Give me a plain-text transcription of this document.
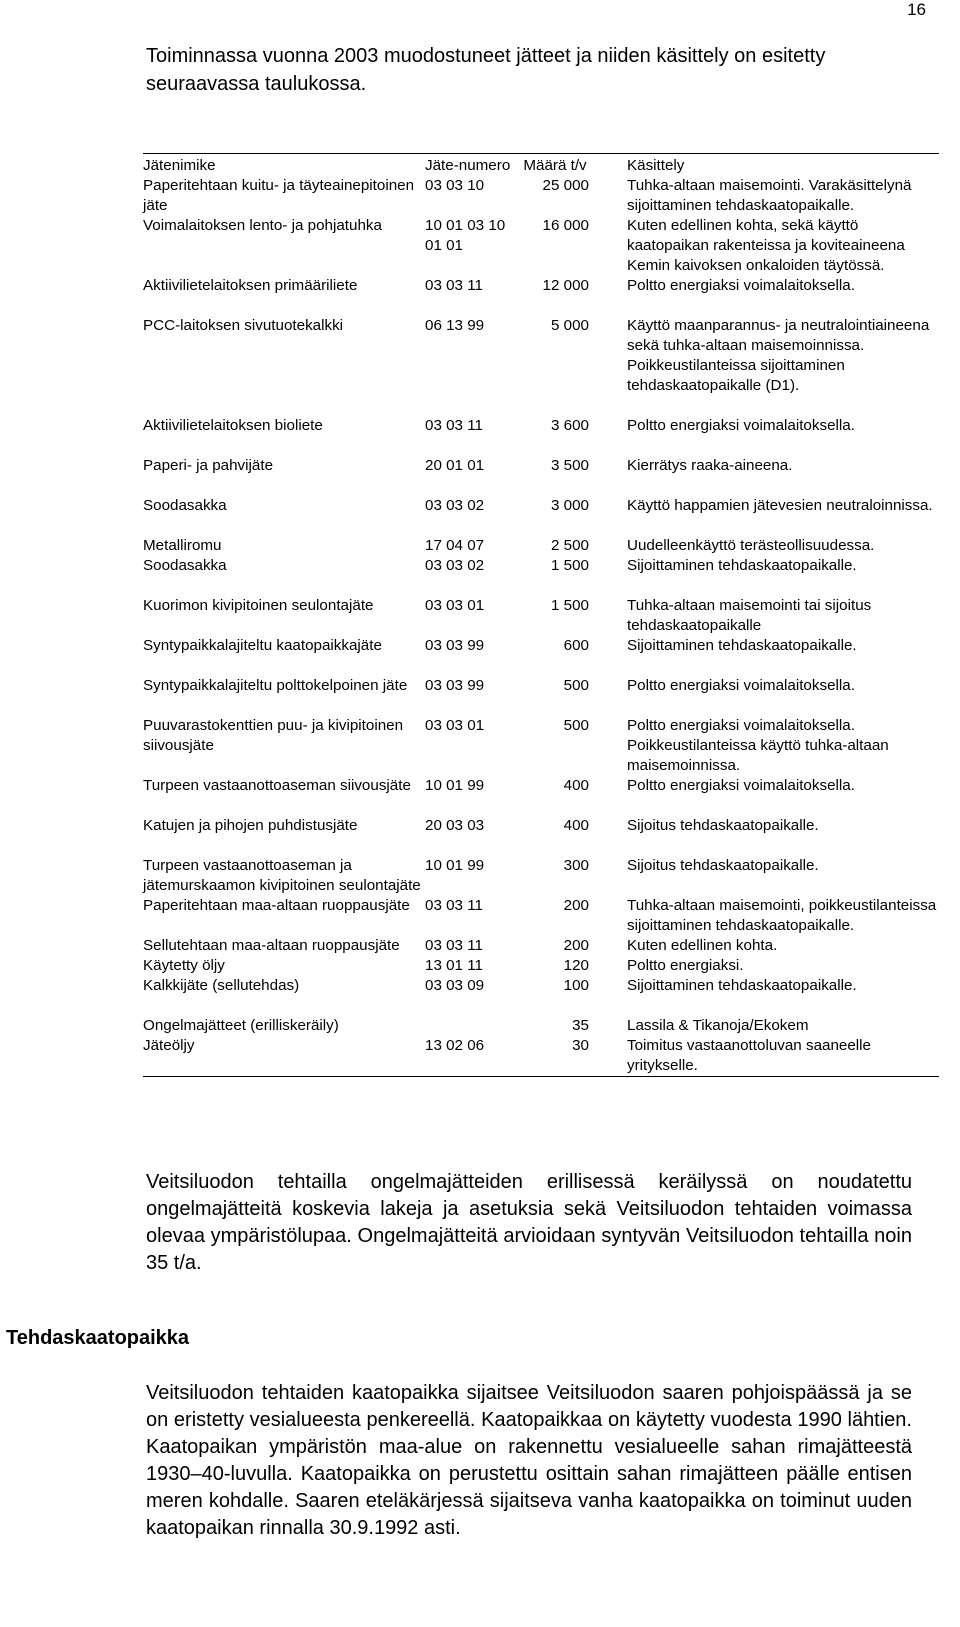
16
Toiminnassa vuonna 2003 muodostuneet jätteet ja niiden käsittely on esitetty seuraavassa taulukossa.
Jätenimike	Jäte-numero	Määrä t/v		Käsittely
Paperitehtaan kuitu- ja täyteainepitoinen jäte	03 03 10	25 000		Tuhka-altaan maisemointi. Varakäsittelynä sijoittaminen tehdaskaatopaikalle.
Voimalaitoksen lento- ja pohjatuhka	10 01 03 10 01 01	16 000		Kuten edellinen kohta, sekä käyttö kaatopaikan rakenteissa ja koviteaineena Kemin kaivoksen onkaloiden täytössä.
Aktiivilietelaitoksen primääriliete	03 03 11	12 000		Poltto energiaksi voimalaitoksella.
PCC-laitoksen sivutuotekalkki	06 13 99	5 000		Käyttö maanparannus- ja neutralointiaineena sekä tuhka-altaan maisemoinnissa. Poikkeustilanteissa sijoittaminen tehdaskaatopaikalle (D1).
Aktiivilietelaitoksen bioliete	03 03 11	3 600		Poltto energiaksi voimalaitoksella.
Paperi- ja pahvijäte	20 01 01	3 500		Kierrätys raaka-aineena.
Soodasakka	03 03 02	3 000		Käyttö happamien jätevesien neutraloinnissa.
Metalliromu	17 04 07	2 500		Uudelleenkäyttö terästeollisuudessa.
Soodasakka	03 03 02	1 500		Sijoittaminen tehdaskaatopaikalle.
Kuorimon kivipitoinen seulontajäte	03 03 01	1 500		Tuhka-altaan maisemointi tai sijoitus tehdaskaatopaikalle
Syntypaikkalajiteltu kaatopaikkajäte	03 03 99	600		Sijoittaminen tehdaskaatopaikalle.
Syntypaikkalajiteltu polttokelpoinen jäte	03 03 99	500		Poltto energiaksi voimalaitoksella.
Puuvarastokenttien puu- ja kivipitoinen siivousjäte	03 03 01	500		Poltto energiaksi voimalaitoksella. Poikkeustilanteissa käyttö tuhka-altaan maisemoinnissa.
Turpeen vastaanottoaseman siivousjäte	10 01 99	400		Poltto energiaksi voimalaitoksella.
Katujen ja pihojen puhdistusjäte	20 03 03	400		Sijoitus tehdaskaatopaikalle.
Turpeen vastaanottoaseman ja jätemurskaamon kivipitoinen seulontajäte	10 01 99	300		Sijoitus tehdaskaatopaikalle.
Paperitehtaan maa-altaan ruoppausjäte	03 03 11	200		Tuhka-altaan maisemointi, poikkeustilanteissa sijoittaminen tehdaskaatopaikalle.
Sellutehtaan maa-altaan ruoppausjäte	03 03 11	200		Kuten edellinen kohta.
Käytetty öljy	13 01 11	120		Poltto energiaksi.
Kalkkijäte (sellutehdas)	03 03 09	100		Sijoittaminen tehdaskaatopaikalle.
Ongelmajätteet (erilliskeräily)		35		Lassila & Tikanoja/Ekokem
Jäteöljy	13 02 06	30		Toimitus vastaanottoluvan saaneelle yritykselle.
Veitsiluodon tehtailla ongelmajätteiden erillisessä keräilyssä on noudatettu ongelmajätteitä koskevia lakeja ja asetuksia sekä Veitsiluodon tehtaiden voimassa olevaa ympäristölupaa. Ongelmajätteitä arvioidaan syntyvän Veitsiluodon tehtailla noin 35 t/a.
Tehdaskaatopaikka
Veitsiluodon tehtaiden kaatopaikka sijaitsee Veitsiluodon saaren pohjoispäässä ja se on eristetty vesialueesta penkereellä. Kaatopaikkaa on käytetty vuodesta 1990 lähtien. Kaatopaikan ympäristön maa-alue on rakennettu vesialueelle sahan rimajätteestä 1930–40-luvulla. Kaatopaikka on perustettu osittain sahan rimajätteen päälle entisen meren kohdalle. Saaren eteläkärjessä sijaitseva vanha kaatopaikka on toiminut uuden kaatopaikan rinnalla 30.9.1992 asti.
